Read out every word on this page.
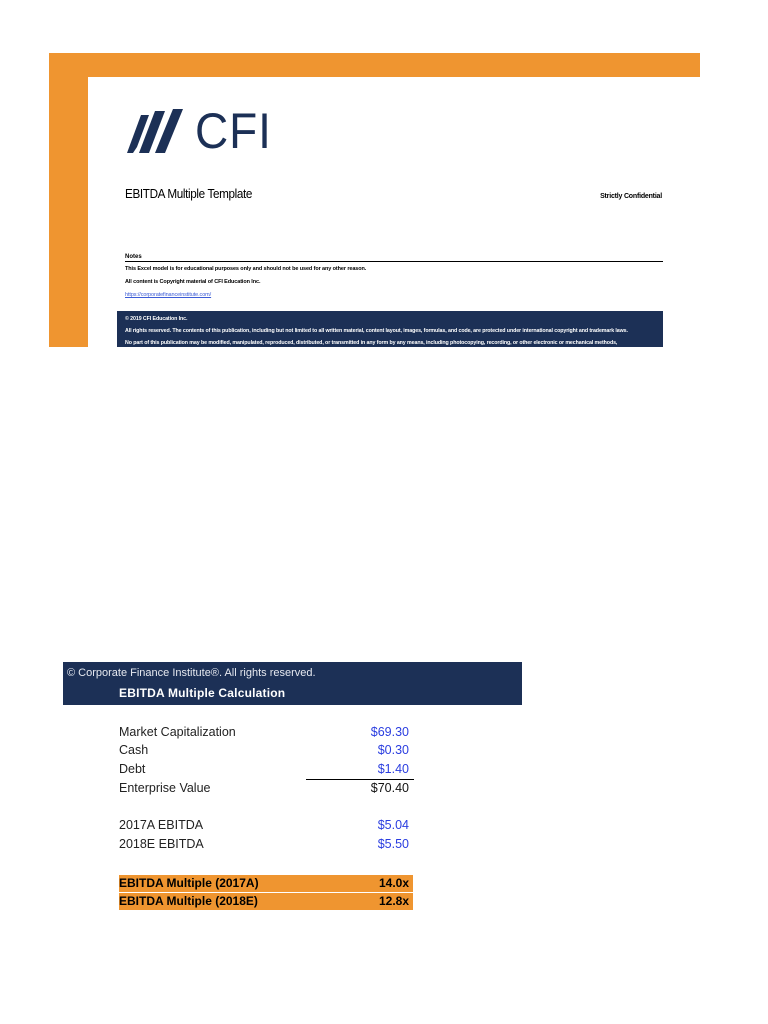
CFI
EBITDA Multiple Template	Strictly Confidential
Notes
This Excel model is for educational purposes only and should not be used for any other reason.
All content is Copyright material of CFI Education Inc.
https://corporatefinanceinstitute.com/
© 2019 CFI Education Inc.
All rights reserved. The contents of this publication, including but not limited to all written material, content layout, images, formulas, and code, are protected under international copyright and trademark laws.
No part of this publication may be modified, manipulated, reproduced, distributed, or transmitted in any form by any means, including photocopying, recording, or other electronic or mechanical methods,
© Corporate Finance Institute®. All rights reserved.
EBITDA Multiple Calculation
Market Capitalization	$69.30
Cash	$0.30
Debt	$1.40
Enterprise Value	$70.40
2017A EBITDA	$5.04
2018E EBITDA	$5.50
EBITDA Multiple (2017A)	14.0x
EBITDA Multiple (2018E)	12.8x
